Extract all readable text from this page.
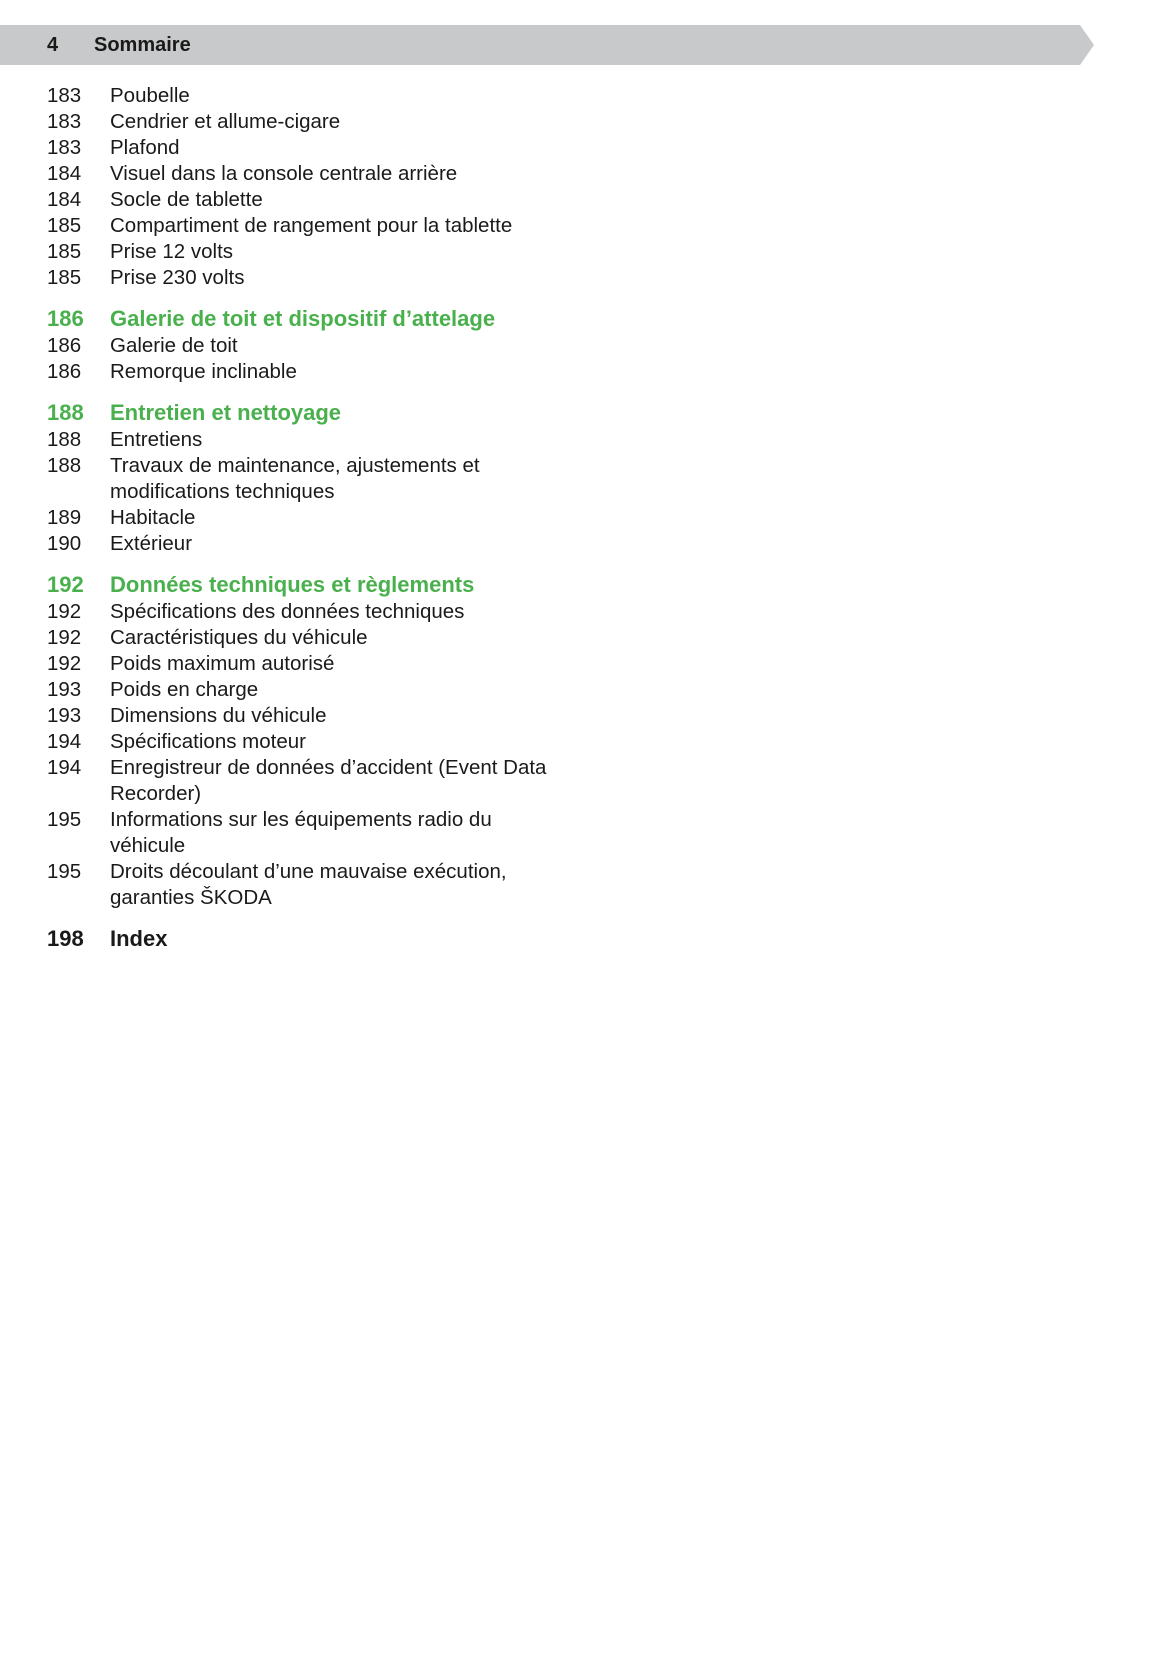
4 Sommaire
183	Poubelle
183	Cendrier et allume-cigare
183	Plafond
184	Visuel dans la console centrale arrière
184	Socle de tablette
185	Compartiment de rangement pour la tablette
185	Prise 12 volts
185	Prise 230 volts
186	Galerie de toit et dispositif d’attelage
186	Galerie de toit
186	Remorque inclinable
188	Entretien et nettoyage
188	Entretiens
188	Travaux de maintenance, ajustements et modifications techniques
189	Habitacle
190	Extérieur
192	Données techniques et règlements
192	Spécifications des données techniques
192	Caractéristiques du véhicule
192	Poids maximum autorisé
193	Poids en charge
193	Dimensions du véhicule
194	Spécifications moteur
194	Enregistreur de données d’accident (Event Data Recorder)
195	Informations sur les équipements radio du véhicule
195	Droits découlant d’une mauvaise exécution, garanties ŠKODA
198	Index
